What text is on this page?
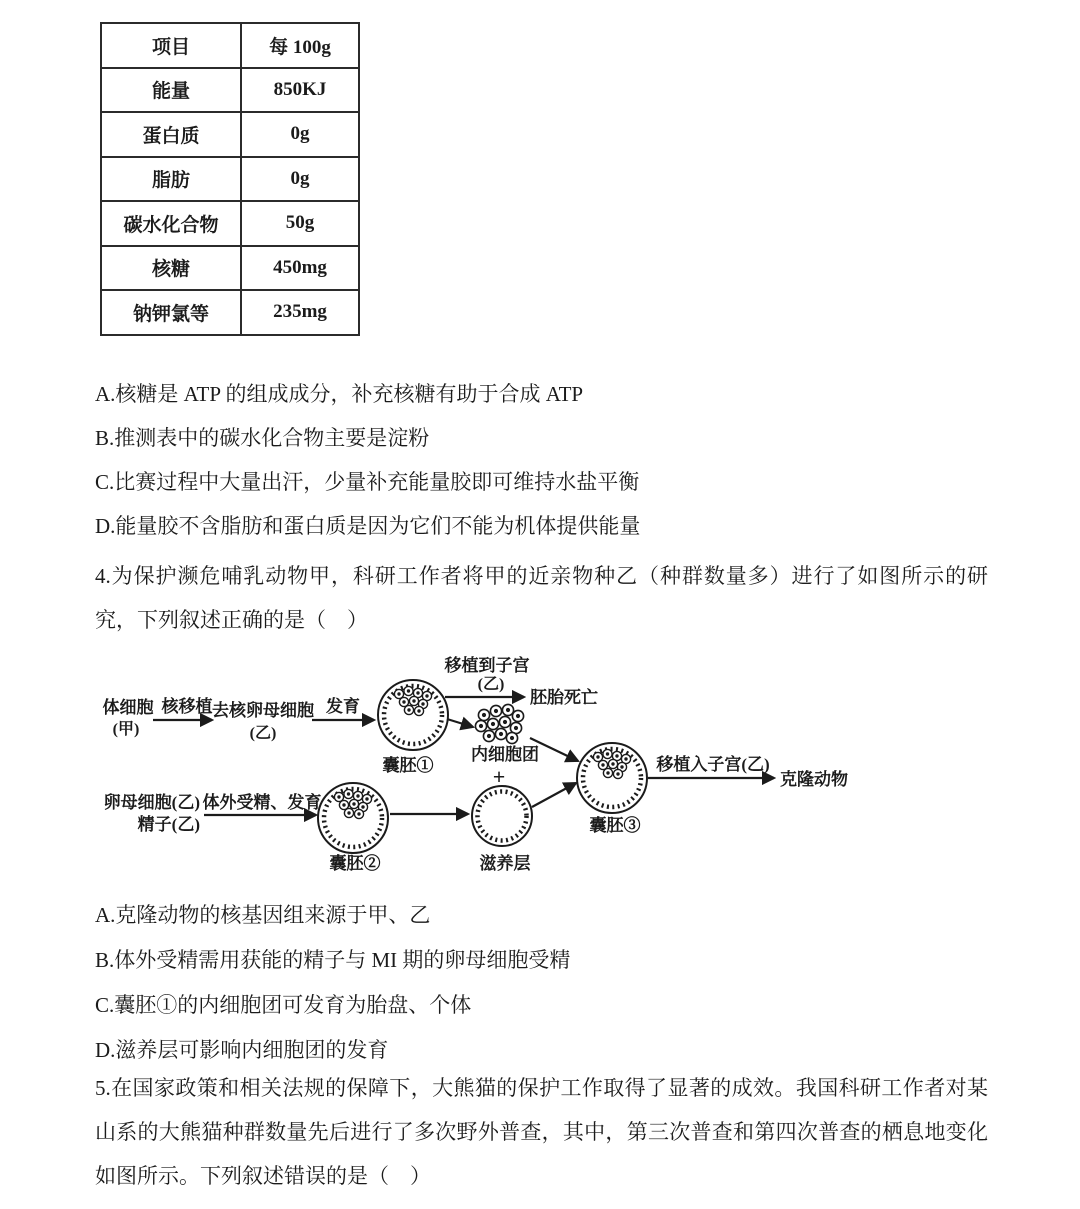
项目	每 100g
能量	850KJ
蛋白质	0g
脂肪	0g
碳水化合物	50g
核糖	450mg
钠钾氯等	235mg

A.核糖是 ATP 的组成成分，补充核糖有助于合成 ATP

B.推测表中的碳水化合物主要是淀粉

C.比赛过程中大量出汗，少量补充能量胶即可维持水盐平衡

D.能量胶不含脂肪和蛋白质是因为它们不能为机体提供能量

4.为保护濒危哺乳动物甲，科研工作者将甲的近亲物种乙（种群数量多）进行了如图所示的研究，下列叙述正确的是（　）

体细胞
(甲)
核移植 去核卵母细胞
(乙)
发育
囊胚①
移植到子宫
(乙)
胚胎死亡
内细胞团
+
卵母细胞(乙)
精子(乙)
体外受精、发育
囊胚②	滋养层
囊胚③
移植入子宫(乙)
克隆动物

A.克隆动物的核基因组来源于甲、乙

B.体外受精需用获能的精子与 MI 期的卵母细胞受精

C.囊胚①的内细胞团可发育为胎盘、个体

D.滋养层可影响内细胞团的发育

5.在国家政策和相关法规的保障下，大熊猫的保护工作取得了显著的成效。我国科研工作者对某山系的大熊猫种群数量先后进行了多次野外普查，其中，第三次普查和第四次普查的栖息地变化如图所示。下列叙述错误的是（　）
